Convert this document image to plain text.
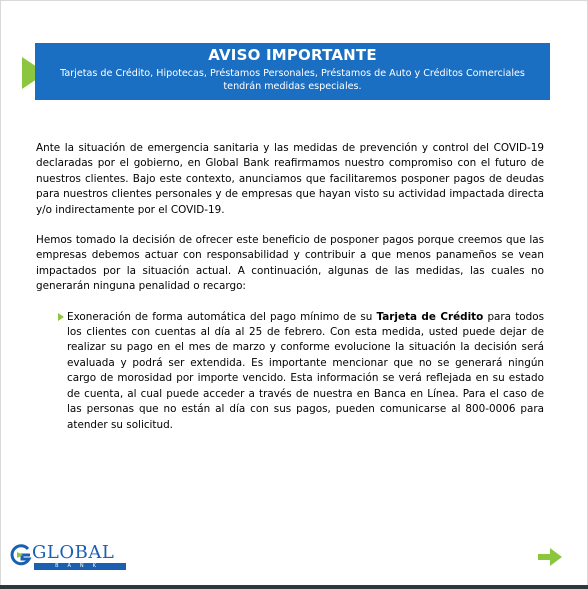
AVISO IMPORTANTE
Tarjetas de Crédito, Hipotecas, Préstamos Personales, Préstamos de Auto y Créditos Comerciales tendrán medidas especiales.

Ante la situación de emergencia sanitaria y las medidas de prevención y control del COVID-19 declaradas por el gobierno, en Global Bank reafirmamos nuestro compromiso con el futuro de nuestros clientes. Bajo este contexto, anunciamos que facilitaremos posponer pagos de deudas para nuestros clientes personales y de empresas que hayan visto su actividad impactada directa y/o indirectamente por el COVID-19.

Hemos tomado la decisión de ofrecer este beneficio de posponer pagos porque creemos que las empresas debemos actuar con responsabilidad y contribuir a que menos panameños se vean impactados por la situación actual. A continuación, algunas de las medidas, las cuales no generarán ninguna penalidad o recargo:

Exoneración de forma automática del pago mínimo de su Tarjeta de Crédito para todos los clientes con cuentas al día al 25 de febrero. Con esta medida, usted puede dejar de realizar su pago en el mes de marzo y conforme evolucione la situación la decisión será evaluada y podrá ser extendida. Es importante mencionar que no se generará ningún cargo de morosidad por importe vencido. Esta información se verá reflejada en su estado de cuenta, al cual puede acceder a través de nuestra en Banca en Línea. Para el caso de las personas que no están al día con sus pagos, pueden comunicarse al 800-0006 para atender su solicitud.
GLOBAL
BANK
